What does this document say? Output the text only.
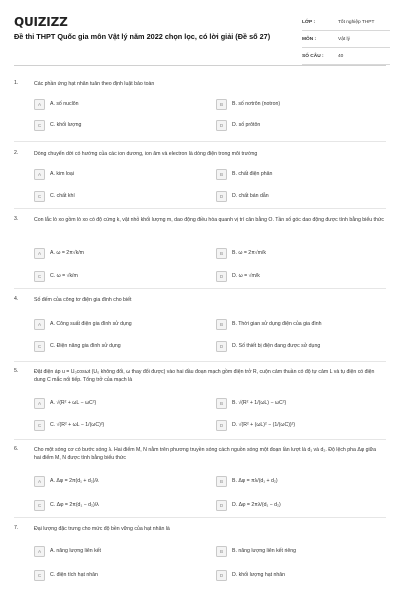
QUIZIZZ
Đề thi THPT Quốc gia môn Vật lý năm 2022 chọn lọc, có lời giải (Đề số 27)
LỚP :	Tốt nghiệp THPT
MÔN :	Vật lý
SỐ CÂU :	40
1.	Các phần ứng hạt nhân tuân theo định luật bảo toàn
A	A. số nuclôn	B	B. số nơtrôn (notron)
C	C. khối lượng	D	D. số prôtôn
2.	Dòng chuyển dời có hướng của các ion dương, ion âm và electron là dòng điện trong môi trường
A	A. kim loại	B	B. chất điện phân
C	C. chất khí	D	D. chất bán dẫn
3.	Con lắc lò xo gồm lò xo có độ cứng k, vật nhỏ khối lượng m, dao động điều hòa quanh vị trí cân bằng O. Tần số góc dao động được tính bằng biểu thức
A	A. ω = 2π√k/m	B	B. ω = 2π√m/k
C	C. ω = √k/m	D	D. ω = √m/k
4.	Số đếm của công tơ điện gia đình cho biết
A	A. Công suất điện gia đình sử dụng	B	B. Thời gian sử dụng điện của gia đình
C	C. Điện năng gia đình sử dụng	D	D. Số thiết bị điện đang được sử dụng
5.	Đặt điện áp u = U₀cosωt (U₀ không đổi, ω thay đổi được) vào hai đầu đoạn mạch gồm điện trở R, cuộn cảm thuần có độ tự cảm L và tụ điện có điện dung C mắc nối tiếp. Tổng trở của mạch là
A	A. √(R² + ωL − ωC²)	B	B. √(R² + 1/(ωL) − ωC²)
C	C. √(R² + ωL − 1/(ωC)²)	D	D. √(R² + (ωL)² − (1/(ωC))²)
6.	Cho một sóng cơ có bước sóng λ. Hai điểm M, N nằm trên phương truyền sóng cách nguồn sóng một đoạn lần lượt là d₁ và d₂. Độ lệch pha Δφ giữa hai điểm M, N được tính bằng biểu thức
A	A. Δφ = 2π(d₁ + d₂)/λ	B	B. Δφ = πλ/(d₁ + d₂)
C	C. Δφ = 2π(d₁ − d₂)/λ	D	D. Δφ = 2πλ/(d₁ − d₂)
7.	Đại lượng đặc trưng cho mức độ bền vững của hạt nhân là
A	A. năng lượng liên kết	B	B. năng lượng liên kết riêng
C	C. điện tích hạt nhân	D	D. khối lượng hạt nhân
